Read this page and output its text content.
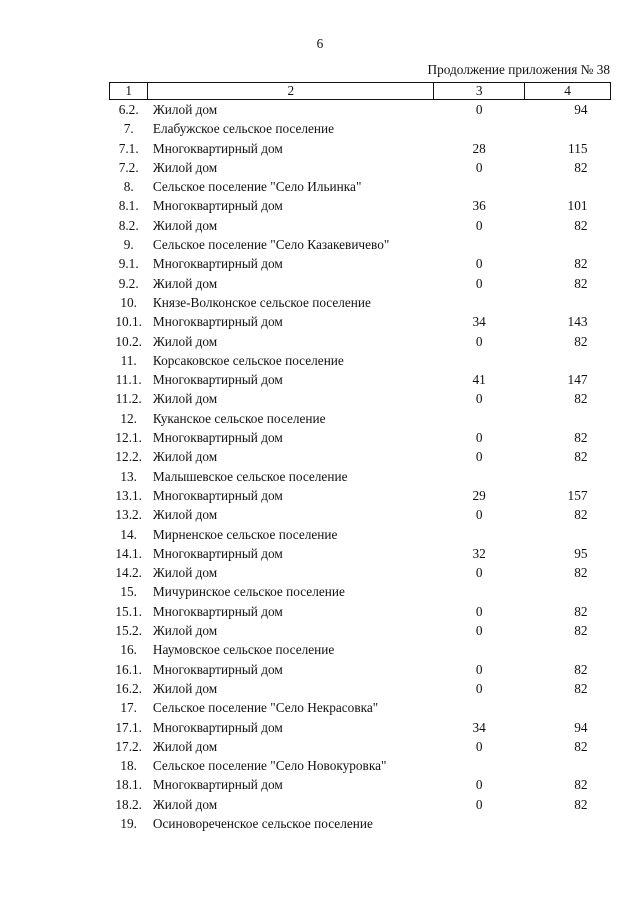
6
Продолжение приложения № 38
1	2	3	4
6.2.	Жилой дом	0	94
7.	Елабужское сельское поселение		
7.1.	Многоквартирный дом	28	115
7.2.	Жилой дом	0	82
8.	Сельское поселение "Село Ильинка"		
8.1.	Многоквартирный дом	36	101
8.2.	Жилой дом	0	82
9.	Сельское поселение "Село Казакевичево"		
9.1.	Многоквартирный дом	0	82
9.2.	Жилой дом	0	82
10.	Князе-Волконское сельское поселение		
10.1.	Многоквартирный дом	34	143
10.2.	Жилой дом	0	82
11.	Корсаковское сельское поселение		
11.1.	Многоквартирный дом	41	147
11.2.	Жилой дом	0	82
12.	Куканское сельское поселение		
12.1.	Многоквартирный дом	0	82
12.2.	Жилой дом	0	82
13.	Малышевское сельское поселение		
13.1.	Многоквартирный дом	29	157
13.2.	Жилой дом	0	82
14.	Мирненское сельское поселение		
14.1.	Многоквартирный дом	32	95
14.2.	Жилой дом	0	82
15.	Мичуринское сельское поселение		
15.1.	Многоквартирный дом	0	82
15.2.	Жилой дом	0	82
16.	Наумовское сельское поселение		
16.1.	Многоквартирный дом	0	82
16.2.	Жилой дом	0	82
17.	Сельское поселение "Село Некрасовка"		
17.1.	Многоквартирный дом	34	94
17.2.	Жилой дом	0	82
18.	Сельское поселение "Село Новокуровка"		
18.1.	Многоквартирный дом	0	82
18.2.	Жилой дом	0	82
19.	Осиновореченское сельское поселение		
